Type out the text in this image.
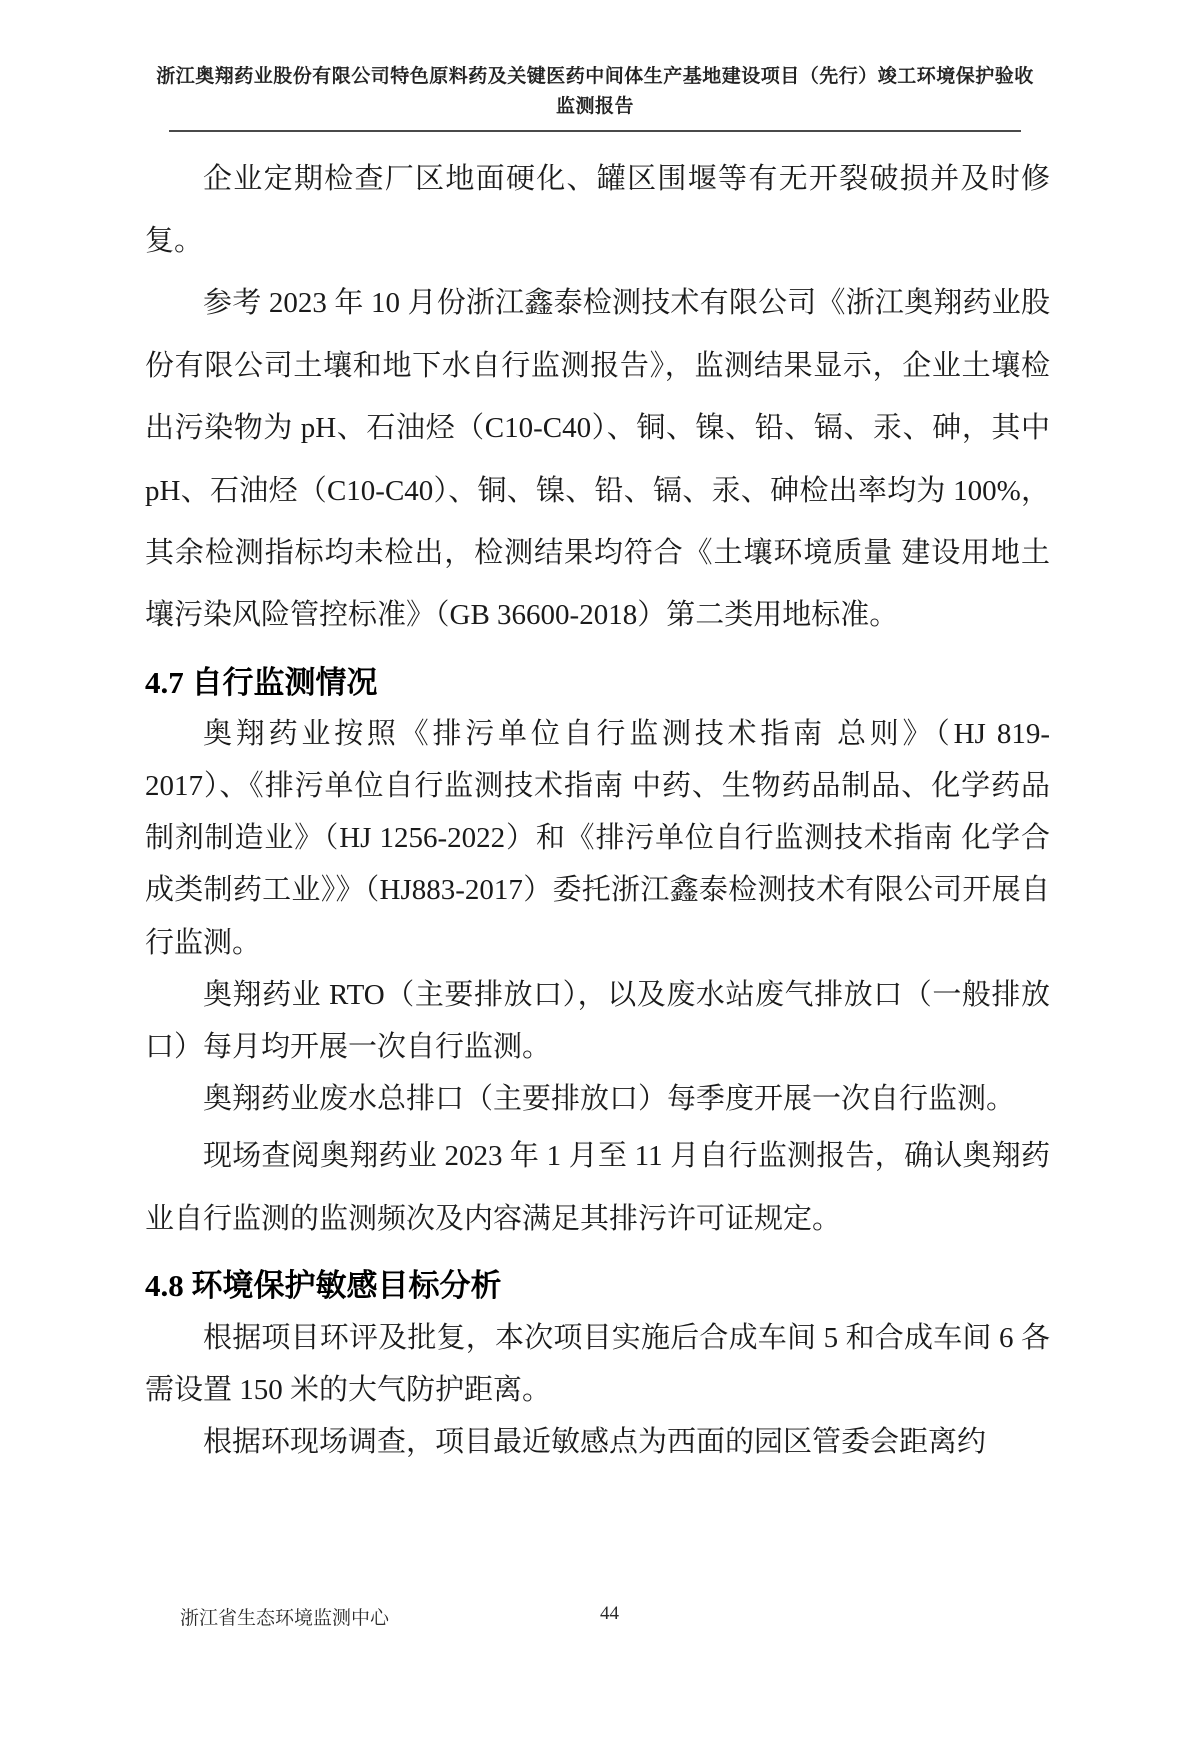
浙江奥翔药业股份有限公司特色原料药及关键医药中间体生产基地建设项目（先行）竣工环境保护验收监测报告

企业定期检查厂区地面硬化、罐区围堰等有无开裂破损并及时修复。

参考 2023 年 10 月份浙江鑫泰检测技术有限公司《浙江奥翔药业股份有限公司土壤和地下水自行监测报告》，监测结果显示，企业土壤检出污染物为 pH、石油烃（C10-C40）、铜、镍、铅、镉、汞、砷，其中 pH、石油烃（C10-C40）、铜、镍、铅、镉、汞、砷检出率均为 100%，其余检测指标均未检出，检测结果均符合《土壤环境质量 建设用地土壤污染风险管控标准》（GB 36600-2018）第二类用地标准。

4.7 自行监测情况

奥翔药业按照《排污单位自行监测技术指南 总则》（HJ 819-2017）、《排污单位自行监测技术指南 中药、生物药品制品、化学药品制剂制造业》（HJ 1256-2022）和《排污单位自行监测技术指南 化学合成类制药工业》》（HJ883-2017）委托浙江鑫泰检测技术有限公司开展自行监测。

奥翔药业 RTO（主要排放口），以及废水站废气排放口（一般排放口）每月均开展一次自行监测。

奥翔药业废水总排口（主要排放口）每季度开展一次自行监测。

现场查阅奥翔药业 2023 年 1 月至 11 月自行监测报告，确认奥翔药业自行监测的监测频次及内容满足其排污许可证规定。

4.8 环境保护敏感目标分析

根据项目环评及批复，本次项目实施后合成车间 5 和合成车间 6 各需设置 150 米的大气防护距离。

根据环现场调查，项目最近敏感点为西面的园区管委会距离约

浙江省生态环境监测中心	44
